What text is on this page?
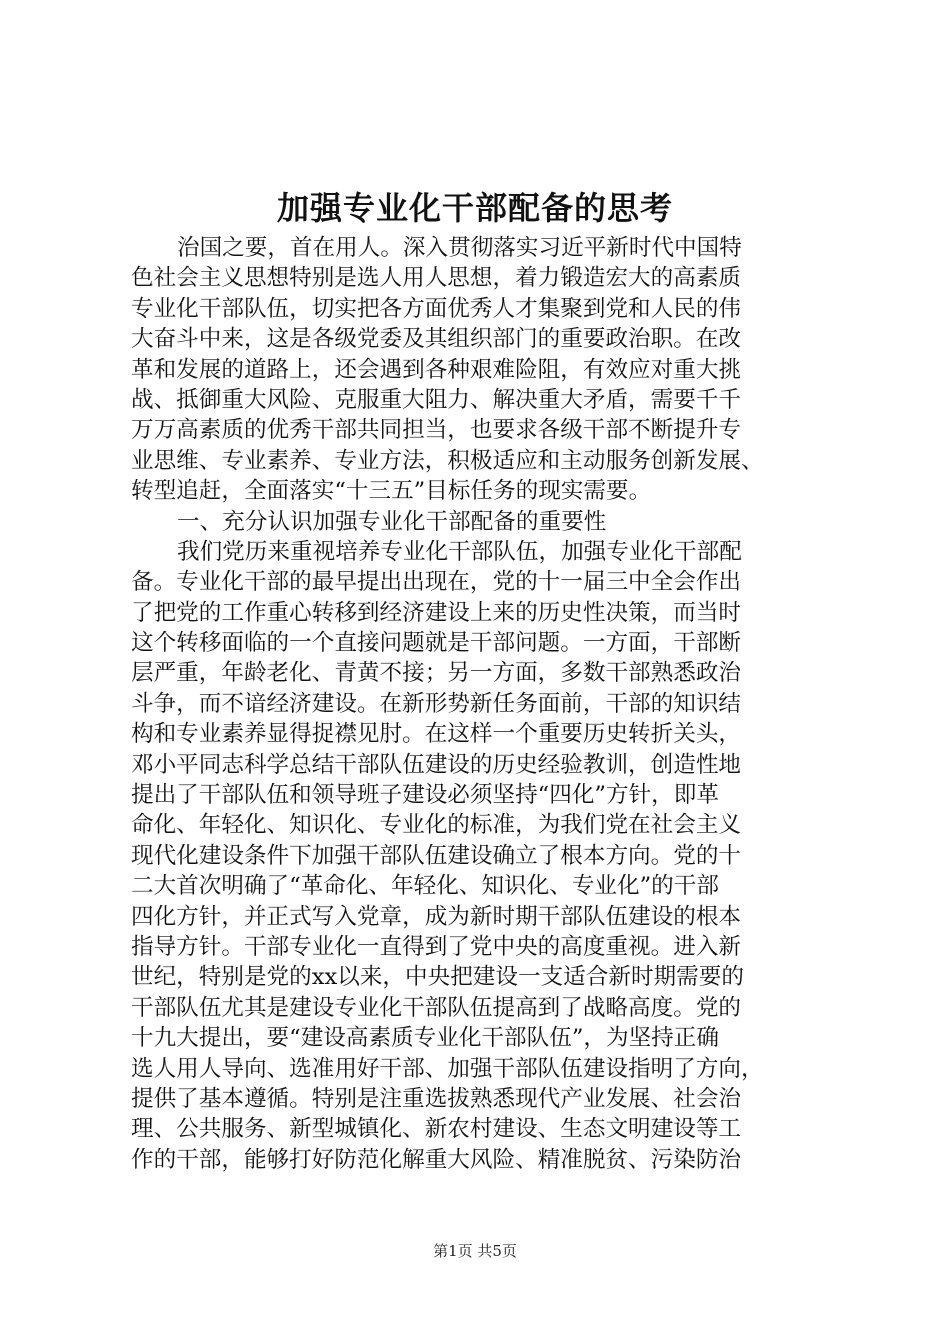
加强专业化干部配备的思考
治国之要，首在用人。深入贯彻落实习近平新时代中国特
色社会主义思想特别是选人用人思想，着力锻造宏大的高素质
专业化干部队伍，切实把各方面优秀人才集聚到党和人民的伟
大奋斗中来，这是各级党委及其组织部门的重要政治职。在改
革和发展的道路上，还会遇到各种艰难险阻，有效应对重大挑
战、抵御重大风险、克服重大阻力、解决重大矛盾，需要千千
万万高素质的优秀干部共同担当，也要求各级干部不断提升专
业思维、专业素养、专业方法，积极适应和主动服务创新发展、
转型追赶，全面落实“十三五”目标任务的现实需要。
一、充分认识加强专业化干部配备的重要性
我们党历来重视培养专业化干部队伍，加强专业化干部配
备。专业化干部的最早提出出现在，党的十一届三中全会作出
了把党的工作重心转移到经济建设上来的历史性决策，而当时
这个转移面临的一个直接问题就是干部问题。一方面，干部断
层严重，年龄老化、青黄不接；另一方面，多数干部熟悉政治
斗争，而不谙经济建设。在新形势新任务面前，干部的知识结
构和专业素养显得捉襟见肘。在这样一个重要历史转折关头，
邓小平同志科学总结干部队伍建设的历史经验教训，创造性地
提出了干部队伍和领导班子建设必须坚持“四化”方针，即革
命化、年轻化、知识化、专业化的标准，为我们党在社会主义
现代化建设条件下加强干部队伍建设确立了根本方向。党的十
二大首次明确了“革命化、年轻化、知识化、专业化”的干部
四化方针，并正式写入党章，成为新时期干部队伍建设的根本
指导方针。干部专业化一直得到了党中央的高度重视。进入新
世纪，特别是党的xx以来，中央把建设一支适合新时期需要的
干部队伍尤其是建设专业化干部队伍提高到了战略高度。党的
十九大提出，要“建设高素质专业化干部队伍”，为坚持正确
选人用人导向、选准用好干部、加强干部队伍建设指明了方向，
提供了基本遵循。特别是注重选拔熟悉现代产业发展、社会治
理、公共服务、新型城镇化、新农村建设、生态文明建设等工
作的干部，能够打好防范化解重大风险、精准脱贫、污染防治
第1页 共5页
